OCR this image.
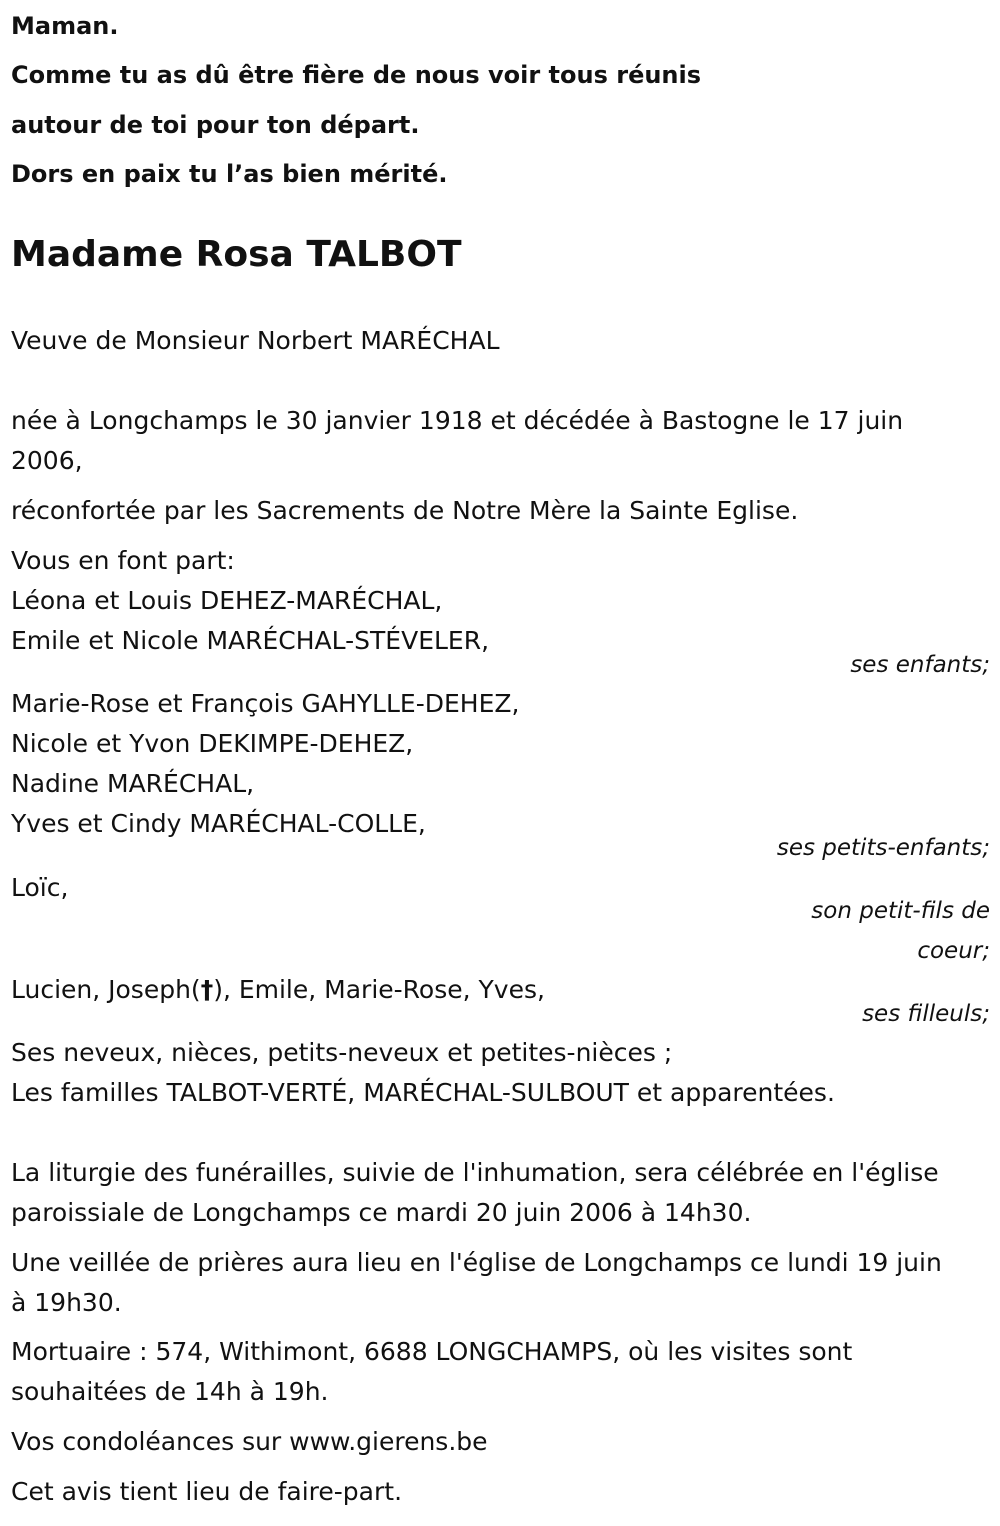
Maman.
Comme tu as dû être fière de nous voir tous réunis
autour de toi pour ton départ.
Dors en paix tu l’as bien mérité.
Madame Rosa TALBOT
Veuve de Monsieur Norbert MARÉCHAL
née à Longchamps le 30 janvier 1918 et décédée à Bastogne le 17 juin
2006,
réconfortée par les Sacrements de Notre Mère la Sainte Eglise.
Vous en font part:
Léona et Louis DEHEZ-MARÉCHAL,
Emile et Nicole MARÉCHAL-STÉVELER,
ses enfants;
Marie-Rose et François GAHYLLE-DEHEZ,
Nicole et Yvon DEKIMPE-DEHEZ,
Nadine MARÉCHAL,
Yves et Cindy MARÉCHAL-COLLE,
ses petits-enfants;
Loïc,
son petit-fils de
coeur;
Lucien, Joseph(†), Emile, Marie-Rose, Yves,
ses filleuls;
Ses neveux, nièces, petits-neveux et petites-nièces ;
Les familles TALBOT-VERTÉ, MARÉCHAL-SULBOUT et apparentées.
La liturgie des funérailles, suivie de l'inhumation, sera célébrée en l'église
paroissiale de Longchamps ce mardi 20 juin 2006 à 14h30.
Une veillée de prières aura lieu en l'église de Longchamps ce lundi 19 juin
à 19h30.
Mortuaire : 574, Withimont, 6688 LONGCHAMPS, où les visites sont
souhaitées de 14h à 19h.
Vos condoléances sur www.gierens.be
Cet avis tient lieu de faire-part.
